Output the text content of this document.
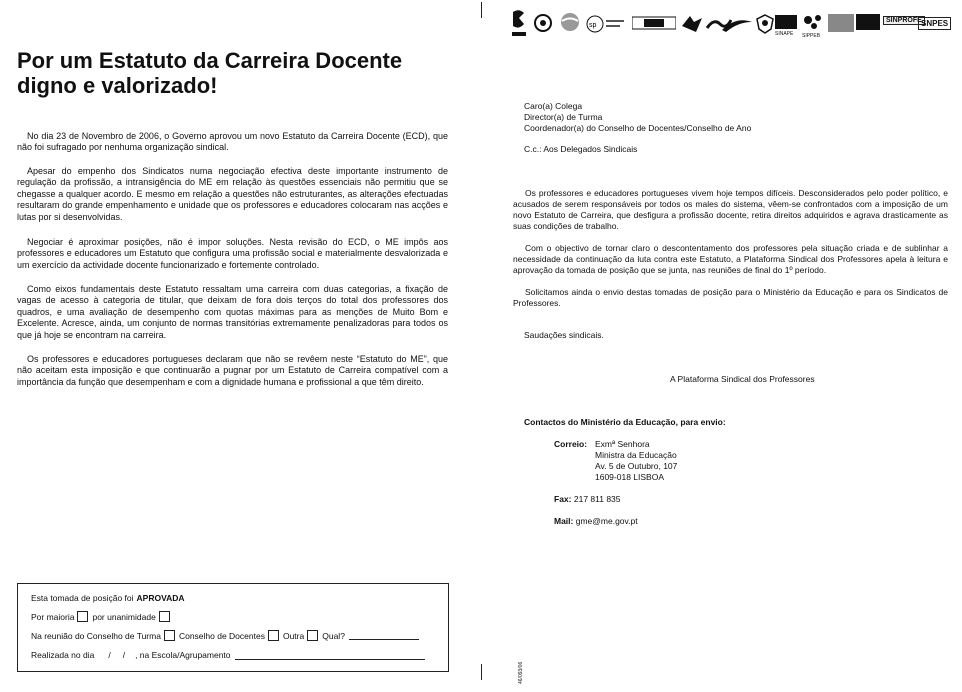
Por um Estatuto da Carreira Docente
digno e valorizado!

No dia 23 de Novembro de 2006, o Governo aprovou um novo Estatuto da Carreira Docente (ECD), que não foi sufragado por nenhuma organização sindical.

Apesar do empenho dos Sindicatos numa negociação efectiva deste importante instrumento de regulação da profissão, a intransigência do ME em relação às questões essenciais não permitiu que se chegasse a qualquer acordo. E mesmo em relação a questões não estruturantes, as alterações efectuadas resultaram do grande empenhamento e unidade que os professores e educadores colocaram nas acções e lutas por si desenvolvidas.

Negociar é aproximar posições, não é impor soluções. Nesta revisão do ECD, o ME impôs aos professores e educadores um Estatuto que configura uma profissão social e materialmente desvalorizada e um exercício da actividade docente funcionarizado e fortemente controlado.

Como eixos fundamentais deste Estatuto ressaltam uma carreira com duas categorias, a fixação de vagas de acesso à categoria de titular, que deixam de fora dois terços do total dos professores dos quadros, e uma avaliação de desempenho com quotas máximas para as menções de Muito Bom e Excelente. Acresce, ainda, um conjunto de normas transitórias extremamente penalizadoras para todos os que já hoje se encontram na carreira.

Os professores e educadores portugueses declaram que não se revêem neste “Estatuto do ME”, que não aceitam esta imposição e que continuarão a pugnar por um Estatuto de Carreira compatível com a importância da função que desempenham e com a dignidade humana e profissional a que têm direito.

Esta tomada de posição foi APROVADA
Por maioria por unanimidade
Na reunião do Conselho de Turma Conselho de Docentes Outra Qual?
Realizada no dia / / , na Escola/Agrupamento
sp
SINAPE SIPPEB
SINPROFE SNPES
Caro(a) Colega
Director(a) de Turma
Coordenador(a) do Conselho de Docentes/Conselho de Ano
C.c.: Aos Delegados Sindicais

Os professores e educadores portugueses vivem hoje tempos difíceis. Desconsiderados pelo poder político, e acusados de serem responsáveis por todos os males do sistema, vêem-se confrontados com a imposição de um novo Estatuto de Carreira, que desfigura a profissão docente, retira direitos adquiridos e agrava drasticamente as suas condições de trabalho.

Com o objectivo de tornar claro o descontentamento dos professores pela situação criada e de sublinhar a necessidade da continuação da luta contra este Estatuto, a Plataforma Sindical dos Professores apela à leitura e aprovação da tomada de posição que se junta, nas reuniões de final do 1º período.

Solicitamos ainda o envio destas tomadas de posição para o Ministério da Educação e para os Sindicatos de Professores.

Saudações sindicais.
A Plataforma Sindical dos Professores
Contactos do Ministério da Educação, para envio:
Correio: Exmª Senhora
Ministra da Educação
Av. 5 de Outubro, 107
1609-018 LISBOA
Fax: 217 811 835
Mail: gme@me.gov.pt
46/093/06
